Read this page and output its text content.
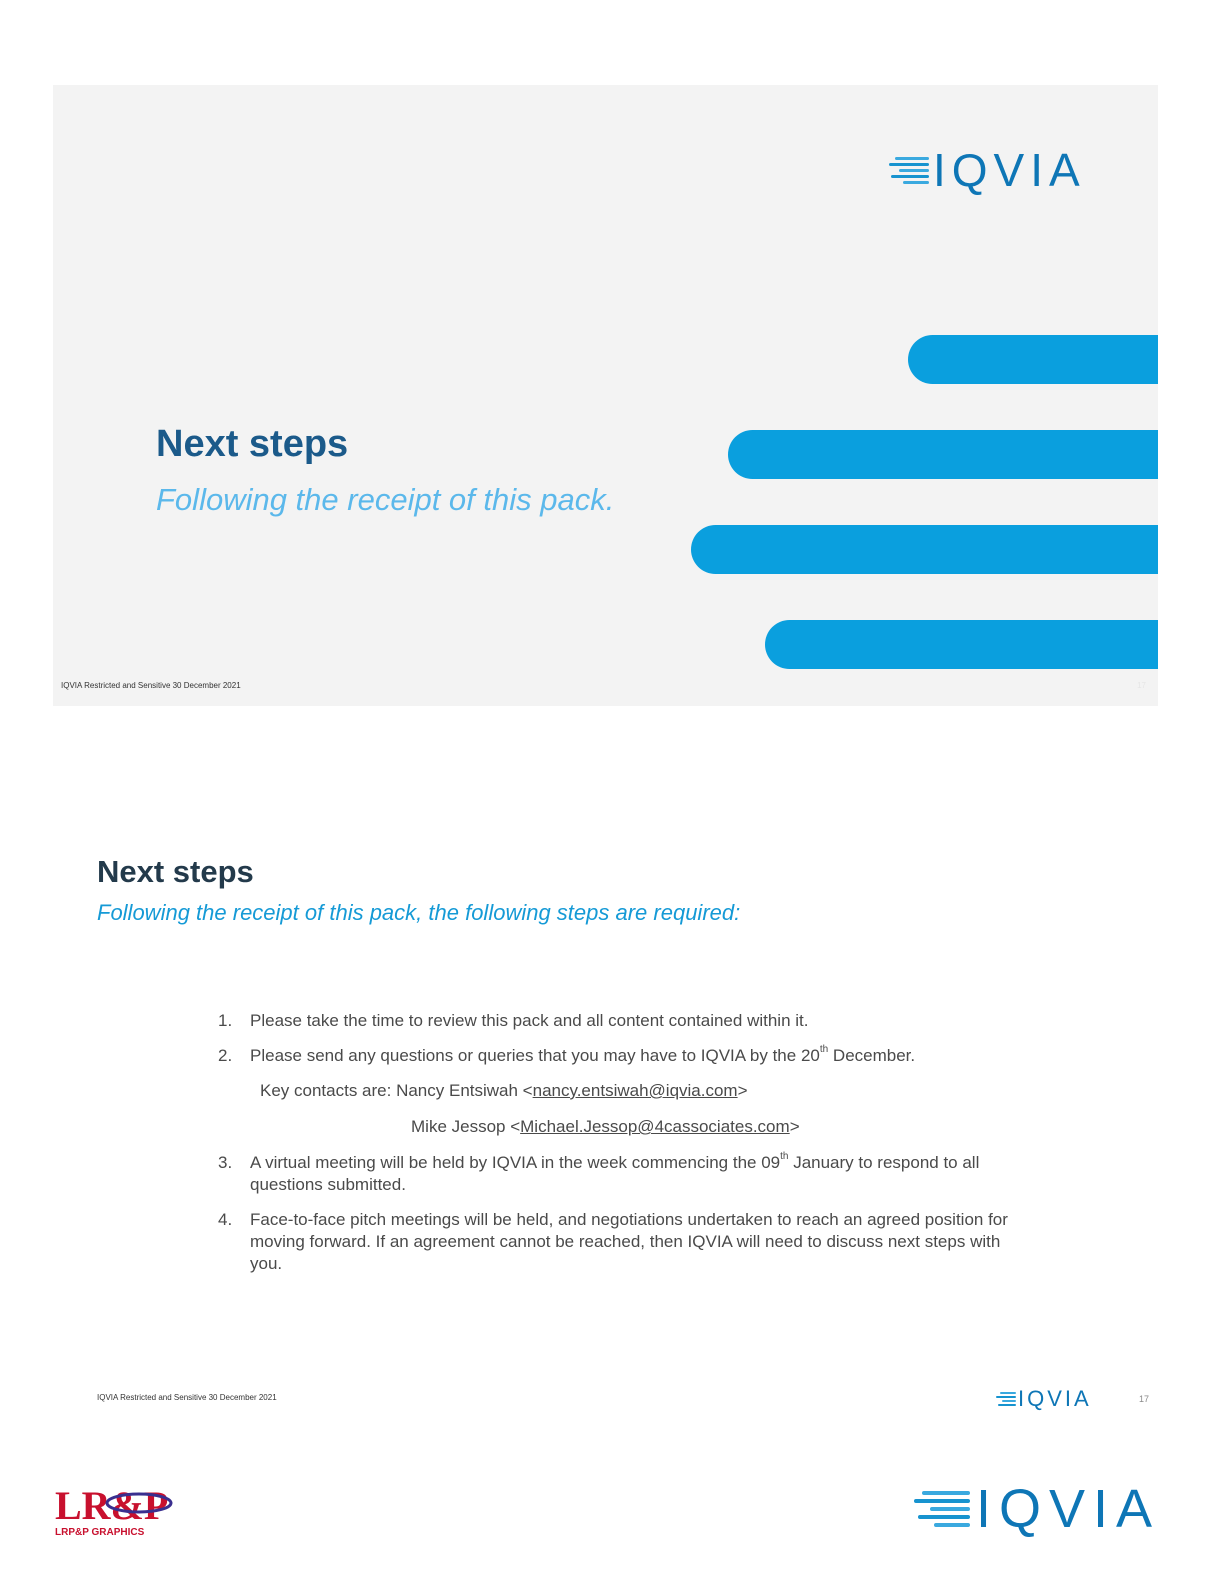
IQVIA
Next steps

Following the receipt of this pack.

IQVIA Restricted and Sensitive 30 December 2021	17
Next steps

Following the receipt of this pack, the following steps are required:

1.	Please take the time to review this pack and all content contained within it.
2.	Please send any questions or queries that you may have to IQVIA by the 20th December.

Key contacts are: Nancy Entsiwah <nancy.entsiwah@iqvia.com>

Mike Jessop <Michael.Jessop@4cassociates.com>

3.	A virtual meeting will be held by IQVIA in the week commencing the 09th January to respond to all questions submitted.
4.	Face-to-face pitch meetings will be held, and negotiations undertaken to reach an agreed position for moving forward. If an agreement cannot be reached, then IQVIA will need to discuss next steps with you.
IQVIA Restricted and Sensitive 30 December 2021	IQVIA	17
LR&P
LRP&P GRAPHICS	IQVIA
